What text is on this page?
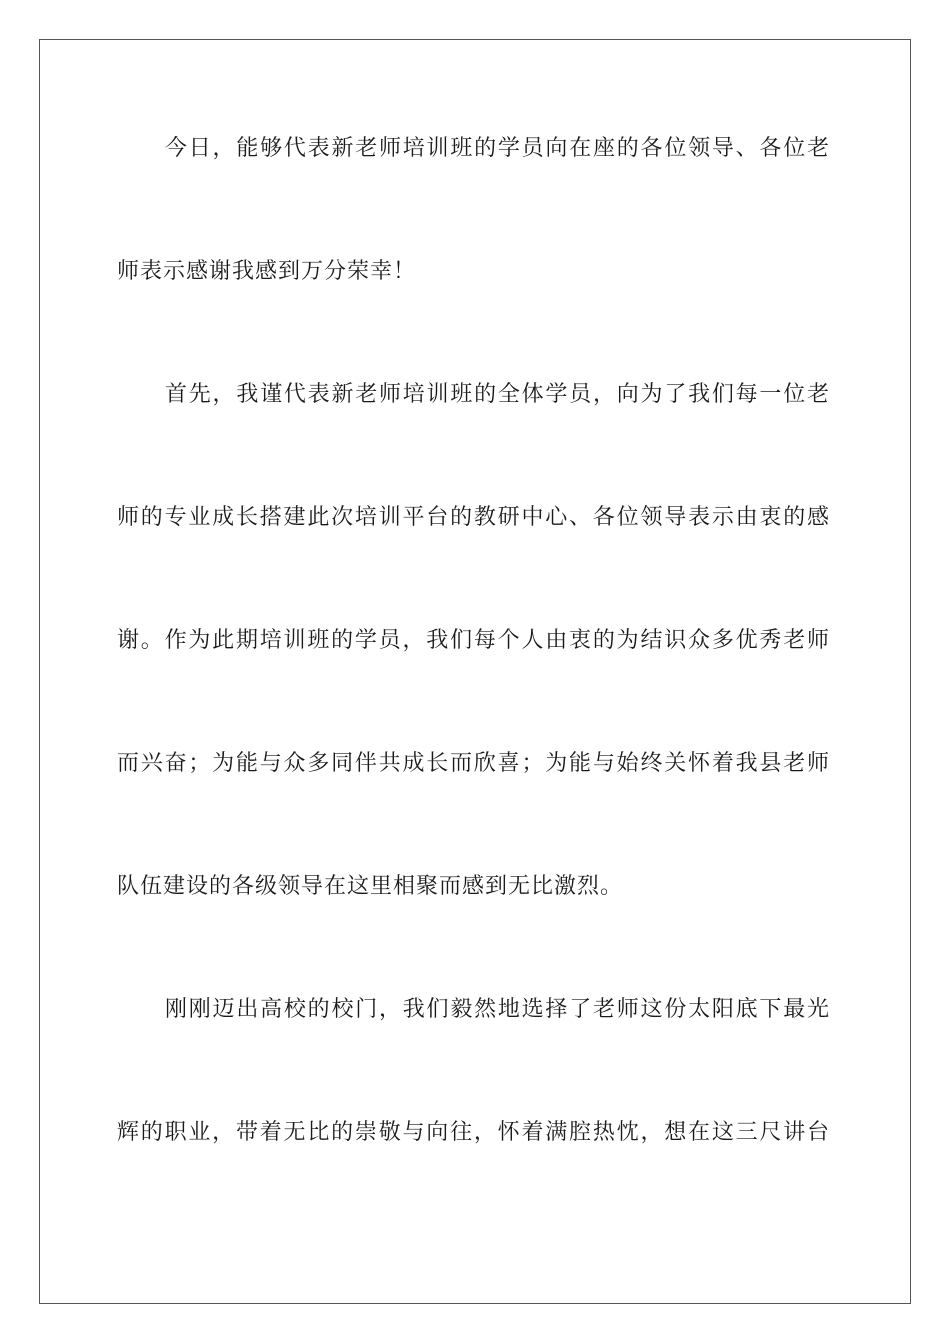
今日，能够代表新老师培训班的学员向在座的各位领导、各位老

师表示感谢我感到万分荣幸！

首先，我谨代表新老师培训班的全体学员，向为了我们每一位老

师的专业成长搭建此次培训平台的教研中心、各位领导表示由衷的感

谢。作为此期培训班的学员，我们每个人由衷的为结识众多优秀老师

而兴奋；为能与众多同伴共成长而欣喜；为能与始终关怀着我县老师

队伍建设的各级领导在这里相聚而感到无比激烈。

刚刚迈出高校的校门，我们毅然地选择了老师这份太阳底下最光

辉的职业，带着无比的崇敬与向往，怀着满腔热忱，想在这三尺讲台
